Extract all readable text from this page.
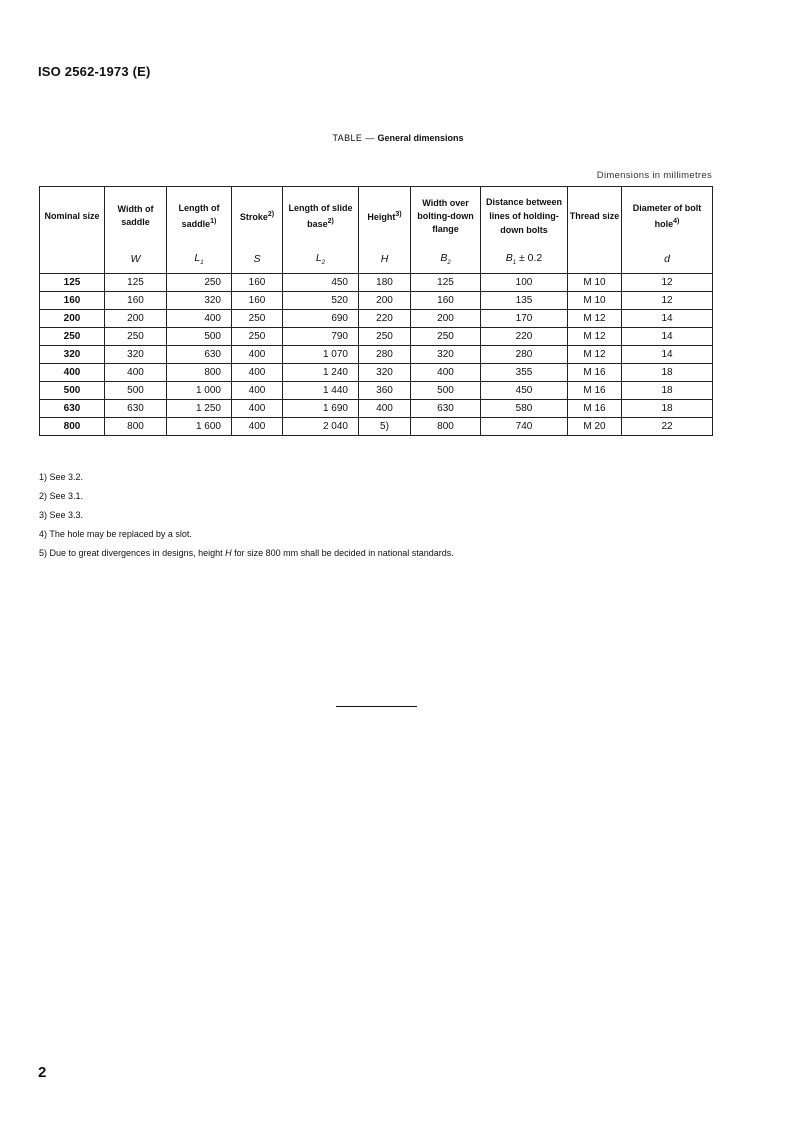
ISO 2562-1973 (E)
TABLE — General dimensions
Dimensions in millimetres
Nominal size	Width of saddle	Length of saddle$^{1)}$	Stroke$^{2)}$	Length of slide base$^{2)}$	Height$^{3)}$	Width over bolting-down flange	Distance between lines of holding-down bolts	Thread size	Diameter of bolt hole$^{4)}$
	W	$L_1$	S	$L_2$	H	$B_2$	$B_1 \pm 0.2$		d
125	125	250	160	450	180	125	100	M 10	12
160	160	320	160	520	200	160	135	M 10	12
200	200	400	250	690	220	200	170	M 12	14
250	250	500	250	790	250	250	220	M 12	14
320	320	630	400	1 070	280	320	280	M 12	14
400	400	800	400	1 240	320	400	355	M 16	18
500	500	1 000	400	1 440	360	500	450	M 16	18
630	630	1 250	400	1 690	400	630	580	M 16	18
800	800	1 600	400	2 040	5)	800	740	M 20	22
1) See 3.2.
2) See 3.1.
3) See 3.3.
4) The hole may be replaced by a slot.
5) Due to great divergences in designs, height H for size 800 mm shall be decided in national standards.
2
